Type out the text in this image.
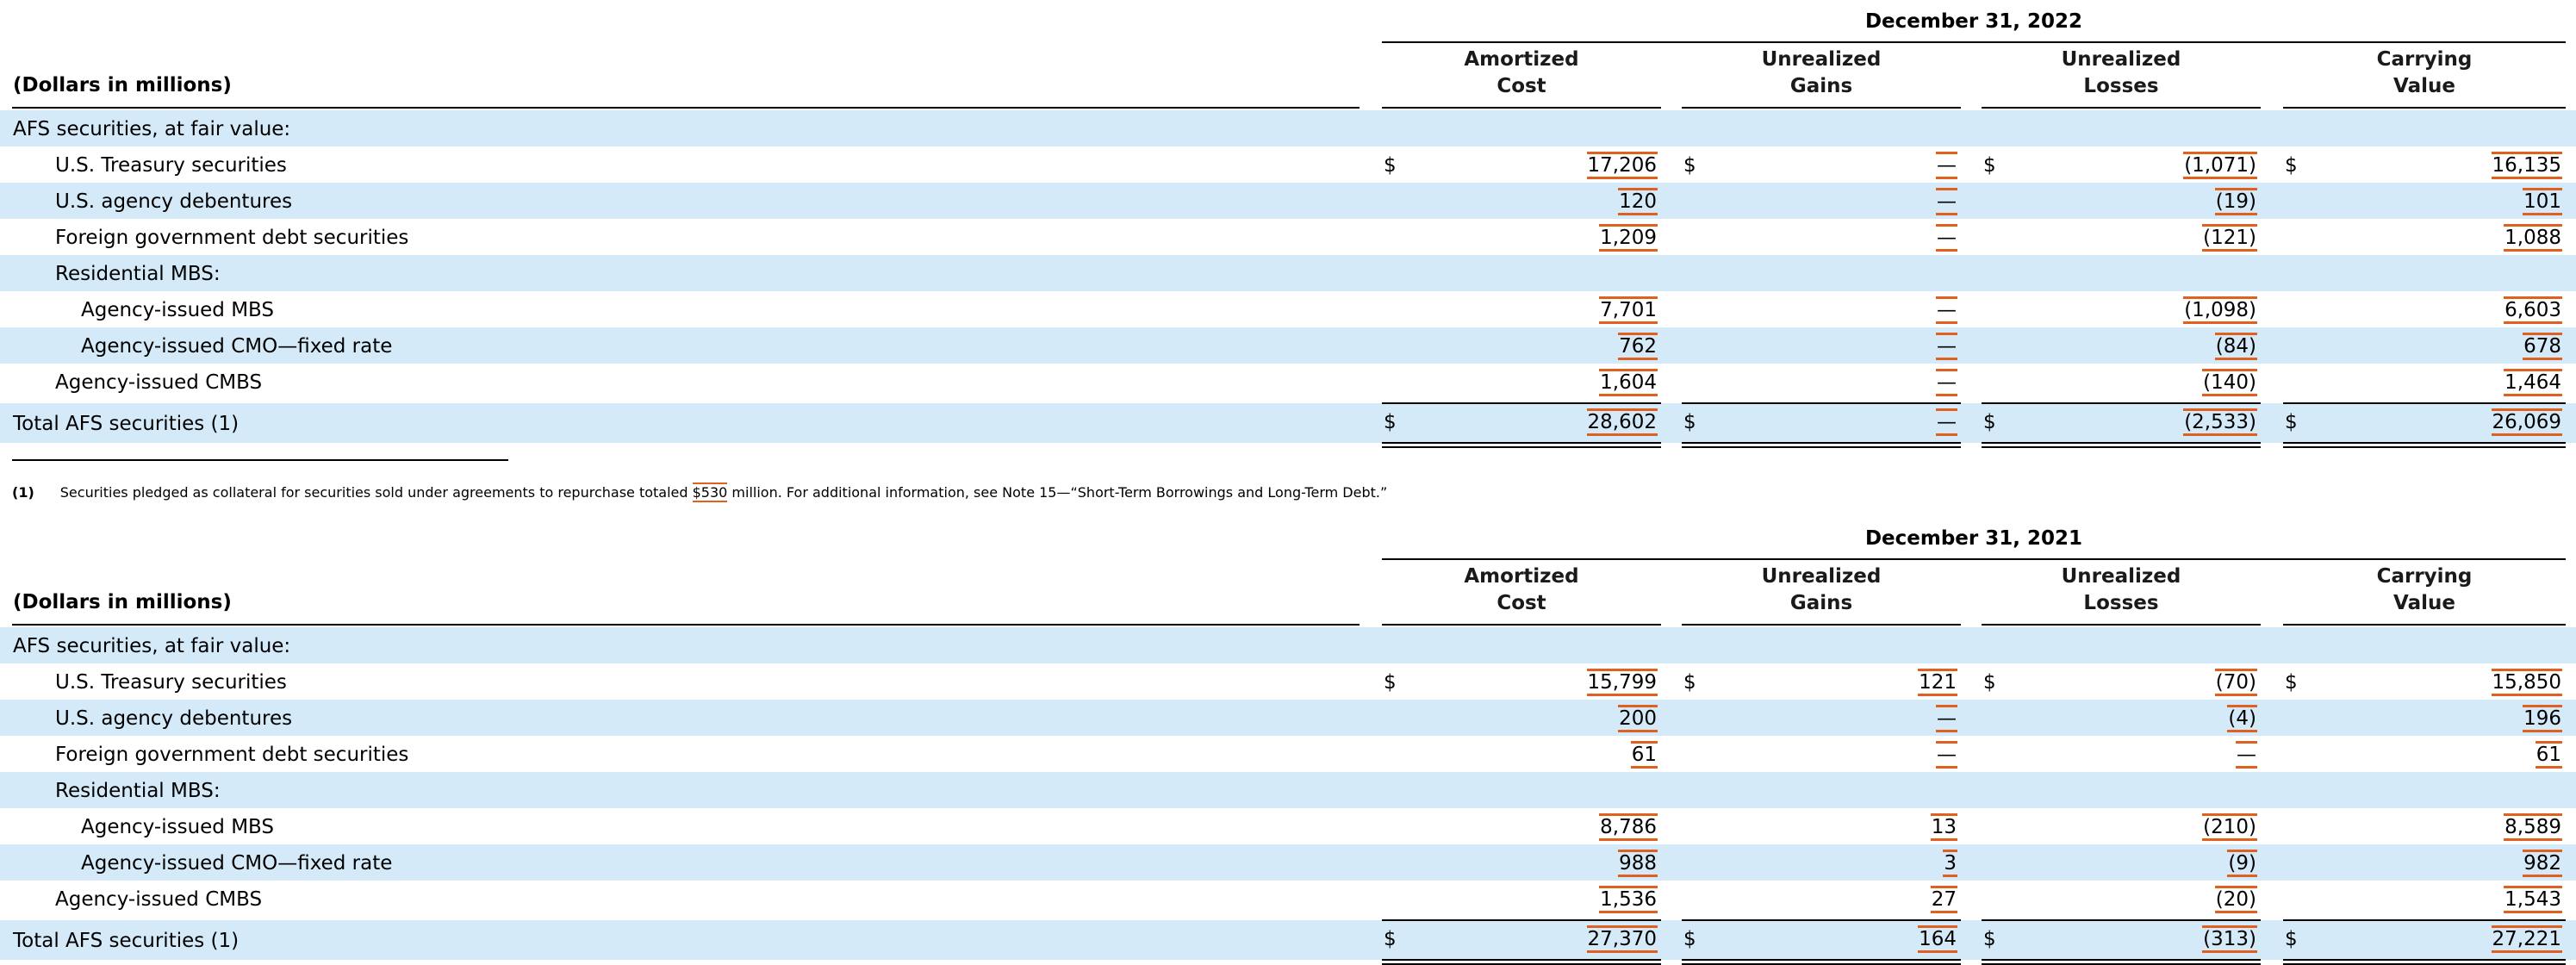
December 31, 2022
Amortized
Cost
Unrealized
Gains
Unrealized
Losses
Carrying
Value
(Dollars in millions)
AFS securities, at fair value:
U.S. Treasury securities	$	17,206 $	— $	(1,071) $	16,135
U.S. agency debentures	120	—	(19)	101
Foreign government debt securities	1,209	—	(121)	1,088
Residential MBS:
Agency-issued MBS	7,701	—	(1,098)	6,603
Agency-issued CMO—fixed rate	762	—	(84)	678
Agency-issued CMBS	1,604	—	(140)	1,464
Total AFS securities (1)	$	28,602 $	— $	(2,533) $	26,069
December 31, 2021
Amortized
Cost
Unrealized
Gains
Unrealized
Losses
Carrying
Value
(Dollars in millions)
AFS securities, at fair value:
U.S. Treasury securities	$	15,799 $	121 $	(70) $	15,850
U.S. agency debentures	200	—	(4)	196
Foreign government debt securities	61	—	—	61
Residential MBS:
Agency-issued MBS	8,786	13	(210)	8,589
Agency-issued CMO—fixed rate	988	3	(9)	982
Agency-issued CMBS	1,536	27	(20)	1,543
Total AFS securities (1)	$	27,370 $	164 $	(313) $	27,221
(1) Securities pledged as collateral for securities sold under agreements to repurchase totaled $530 million. For additional information, see Note 15—“Short-Term Borrowings and Long-Term Debt.”
